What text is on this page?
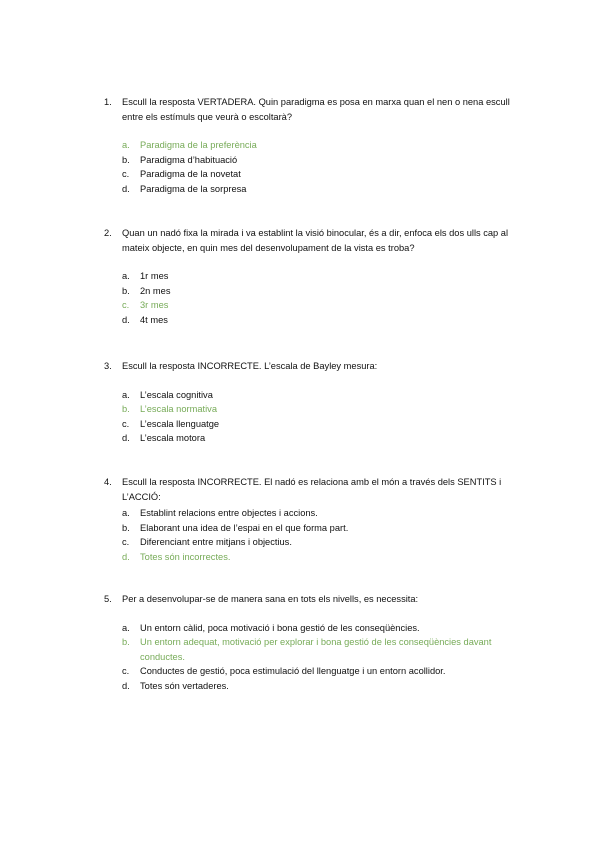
1.	Escull la resposta VERTADERA. Quin paradigma es posa en marxa quan el nen o nena escull entre els estímuls que veurà o escoltarà?
a.	Paradigma de la preferència
b.	Paradigma d’habituació
c.	Paradigma de la novetat
d.	Paradigma de la sorpresa
2.	Quan un nadó fixa la mirada i va establint la visió binocular, és a dir, enfoca els dos ulls cap al mateix objecte, en quin mes del desenvolupament de la vista es troba?
a.	1r mes
b.	2n mes
c.	3r mes
d.	4t mes
3.	Escull la resposta INCORRECTE. L’escala de Bayley mesura:
a.	L’escala cognitiva
b.	L’escala normativa
c.	L’escala llenguatge
d.	L’escala motora
4.	Escull la resposta INCORRECTE. El nadó es relaciona amb el món a través dels SENTITS i L’ACCIÓ:
a.	Establint relacions entre objectes i accions.
b.	Elaborant una idea de l’espai en el que forma part.
c.	Diferenciant entre mitjans i objectius.
d.	Totes són incorrectes.
5.	Per a desenvolupar-se de manera sana en tots els nivells, es necessita:
a.	Un entorn càlid, poca motivació i bona gestió de les conseqüències.
b.	Un entorn adequat, motivació per explorar i bona gestió de les conseqüències davant conductes.
c.	Conductes de gestió, poca estimulació del llenguatge i un entorn acollidor.
d.	Totes són vertaderes.
